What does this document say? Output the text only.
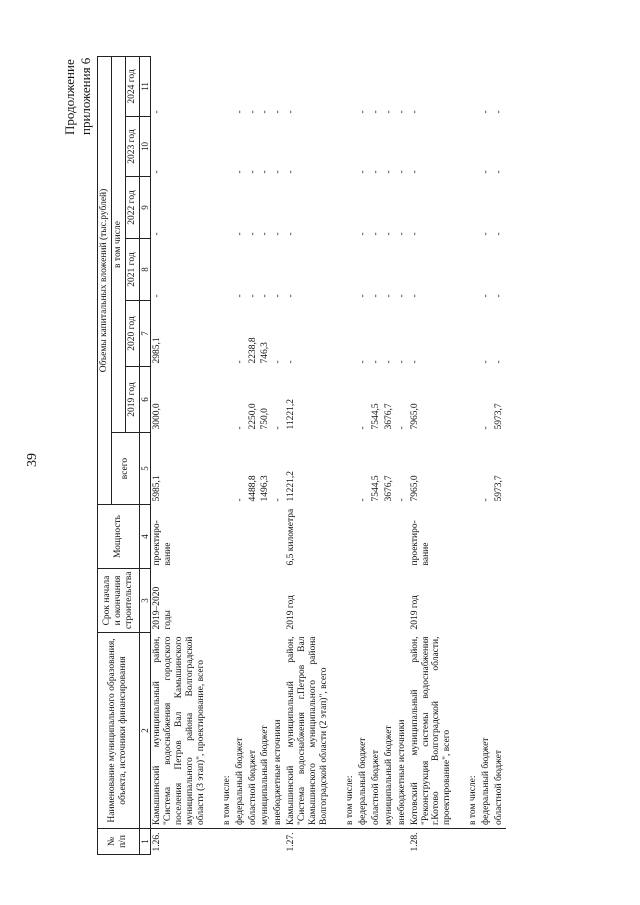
39
Продолжение приложения 6
№ п/п	Наименование муниципального образования, объекта, источники финансирования	Срок начала и окончания строительства	Мощность	Объемы капитальных вложений (тыс.рублей)						
				всего	в том числе					
					2019 год	2020 год	2021 год	2022 год	2023 год	2024 год
1	2	3	4	5	6	7	8	9	10	11
1.26.	Камышинский муниципальный район, "Система водоснабжения городского поселения Петров Вал Камышинского муниципального района Волгоградской области (3 этап)", проектирование, всего	2019–2020 годы	проектиро-вание	5985,1	3000,0	2985,1	-	-	-	-
	в том числе:									
	федеральный бюджет			-	-	-	-	-	-	-
	областной бюджет			4488,8	2250,0	2238,8	-	-	-	-
	муниципальный бюджет			1496,3	750,0	746,3	-	-	-	-
	внебюджетные источники			-	-	-	-	-	-	-
1.27.	Камышинский муниципальный район, "Система водоснабжения г.Петров Вал Камышинского муниципального района Волгоградской области (2 этап)", всего	2019 год	6,5 километра	11221,2	11221,2	-	-	-	-	-
	в том числе:									
	федеральный бюджет			-	-	-	-	-	-	-
	областной бюджет			7544,5	7544,5	-	-	-	-	-
	муниципальный бюджет			3676,7	3676,7	-	-	-	-	-
	внебюджетные источники			-	-	-	-	-	-	-
1.28.	Котовский муниципальный район, "Реконструкция системы водоснабжения г.Котово Волгоградской области, проектирование", всего	2019 год	проектиро-вание	7965,0	7965,0	-	-	-	-	-
	в том числе:									
	федеральный бюджет			-	-	-	-	-	-	-
	областной бюджет			5973,7	5973,7	-	-	-	-	-
